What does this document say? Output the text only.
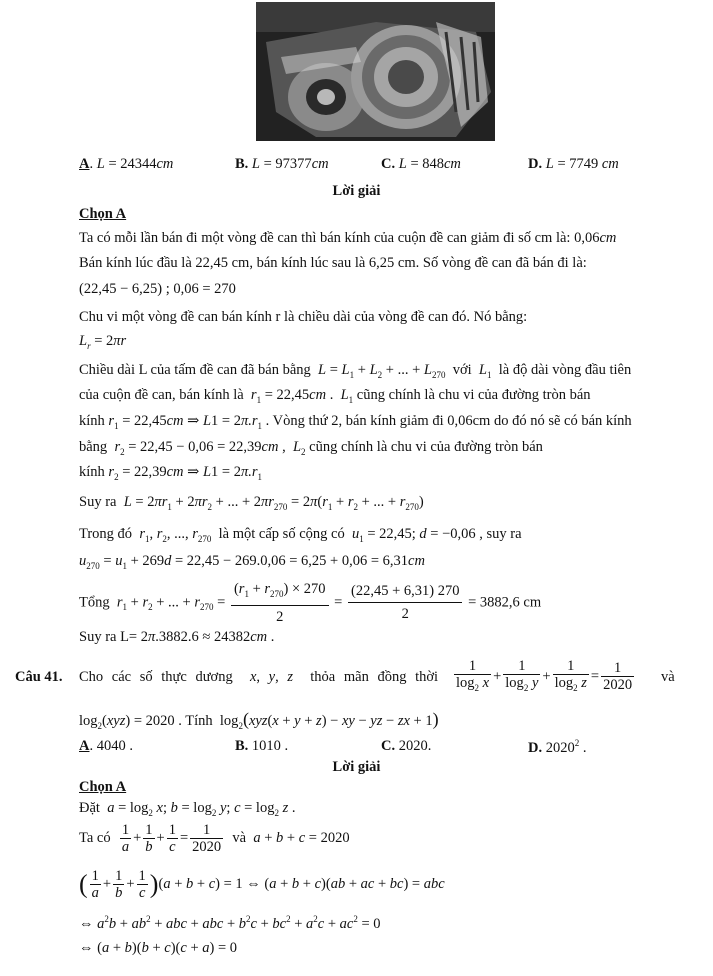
A. L = 24344cm	B. L = 97377cm	C. L = 848cm	D. L = 7749 cm
Lời giải
Chọn A
Ta có mỗi lần bán đi một vòng đề can thì bán kính của cuộn đề can giảm đi số cm là: 0,06cm
Bán kính lúc đầu là 22,45 cm, bán kính lúc sau là 6,25 cm. Số vòng đề can đã bán đi là:
(22,45 − 6,25) ; 0,06 = 270
Chu vi một vòng đề can bán kính r là chiều dài của vòng đề can đó. Nó bằng:
$L_r = 2\pi r$
Chiều dài L của tấm đề can đã bán bằng  $L = L_1 + L_2$ + ... + $L_{270}$  với  $L_1$  là độ dài vòng đầu tiên
của cuộn đề can, bán kính là  $r_1 = 22,45cm$ .  $L_1$ cũng chính là chu vi của đường tròn bán
kính $r_1 = 22,45cm$ ⇒ $L1 = 2\pi.r_1$ . Vòng thứ 2, bán kính giảm đi 0,06cm do đó nó sẽ có bán kính
bằng  $r_2 = 22,45 - 0,06 = 22,39cm$ ,  $L_2$ cũng chính là chu vi của đường tròn bán
kính $r_2 = 22,39cm$ ⇒ $L1 = 2\pi.r_1$
Suy ra  $L = 2\pi r_1 + 2\pi r_2$ + ... + $2\pi r_{270} = 2\pi(r_1 + r_2$ + ... + $r_{270}$)
Trong đó  $r_1$, $r_2$, ..., $r_{270}$  là một cấp số cộng có  $u_1 = 22,45$; d = −0,06 , suy ra
$u_{270} = u_1 + 269d = 22,45 - 269.0,06 = 6,25 + 0,06 = 6,31cm$
Tổng  $r_1 + r_2$ + ... + $r_{270} = \frac{(r_1 + r_{270}) \times 270}{2} = \frac{(22,45 + 6,31) 270}{2} = 3882,6$ cm
Suy ra L= 2π.3882.6 ≈ 24382cm .
Câu 41. Cho các số thực dương  x, y, z  thỏa mãn đồng thời $\frac{1}{\log_2 x} + \frac{1}{\log_2 y} + \frac{1}{\log_2 z} = \frac{1}{2020}$ và
$\log_2(xyz) = 2020$ . Tính  $\log_2(xyz(x + y + z)$ − xy − yz − zx + 1)
A. 4040 .	B. 1010 .	C. 2020.	D. 2020$^2$ .
Lời giải
Chọn A
Đặt  $a = \log_2 x$; $b = \log_2 y$; $c = \log_2 z$ .
Ta có $\frac{1}{a} + \frac{1}{b} + \frac{1}{c} = \frac{1}{2020}$ và  a + b + c = 2020
( $\frac{1}{a} + \frac{1}{b} + \frac{1}{c} )(a + b + c) = 1$ ⇔ (a + b + c)(ab + ac + bc) = abc
⇔ $a^2b + ab^2$ + abc + abc + $b^2c + bc^2 + a^2c + ac^2 = 0$
⇔ (a + b)(b + c)(c + a) = 0
